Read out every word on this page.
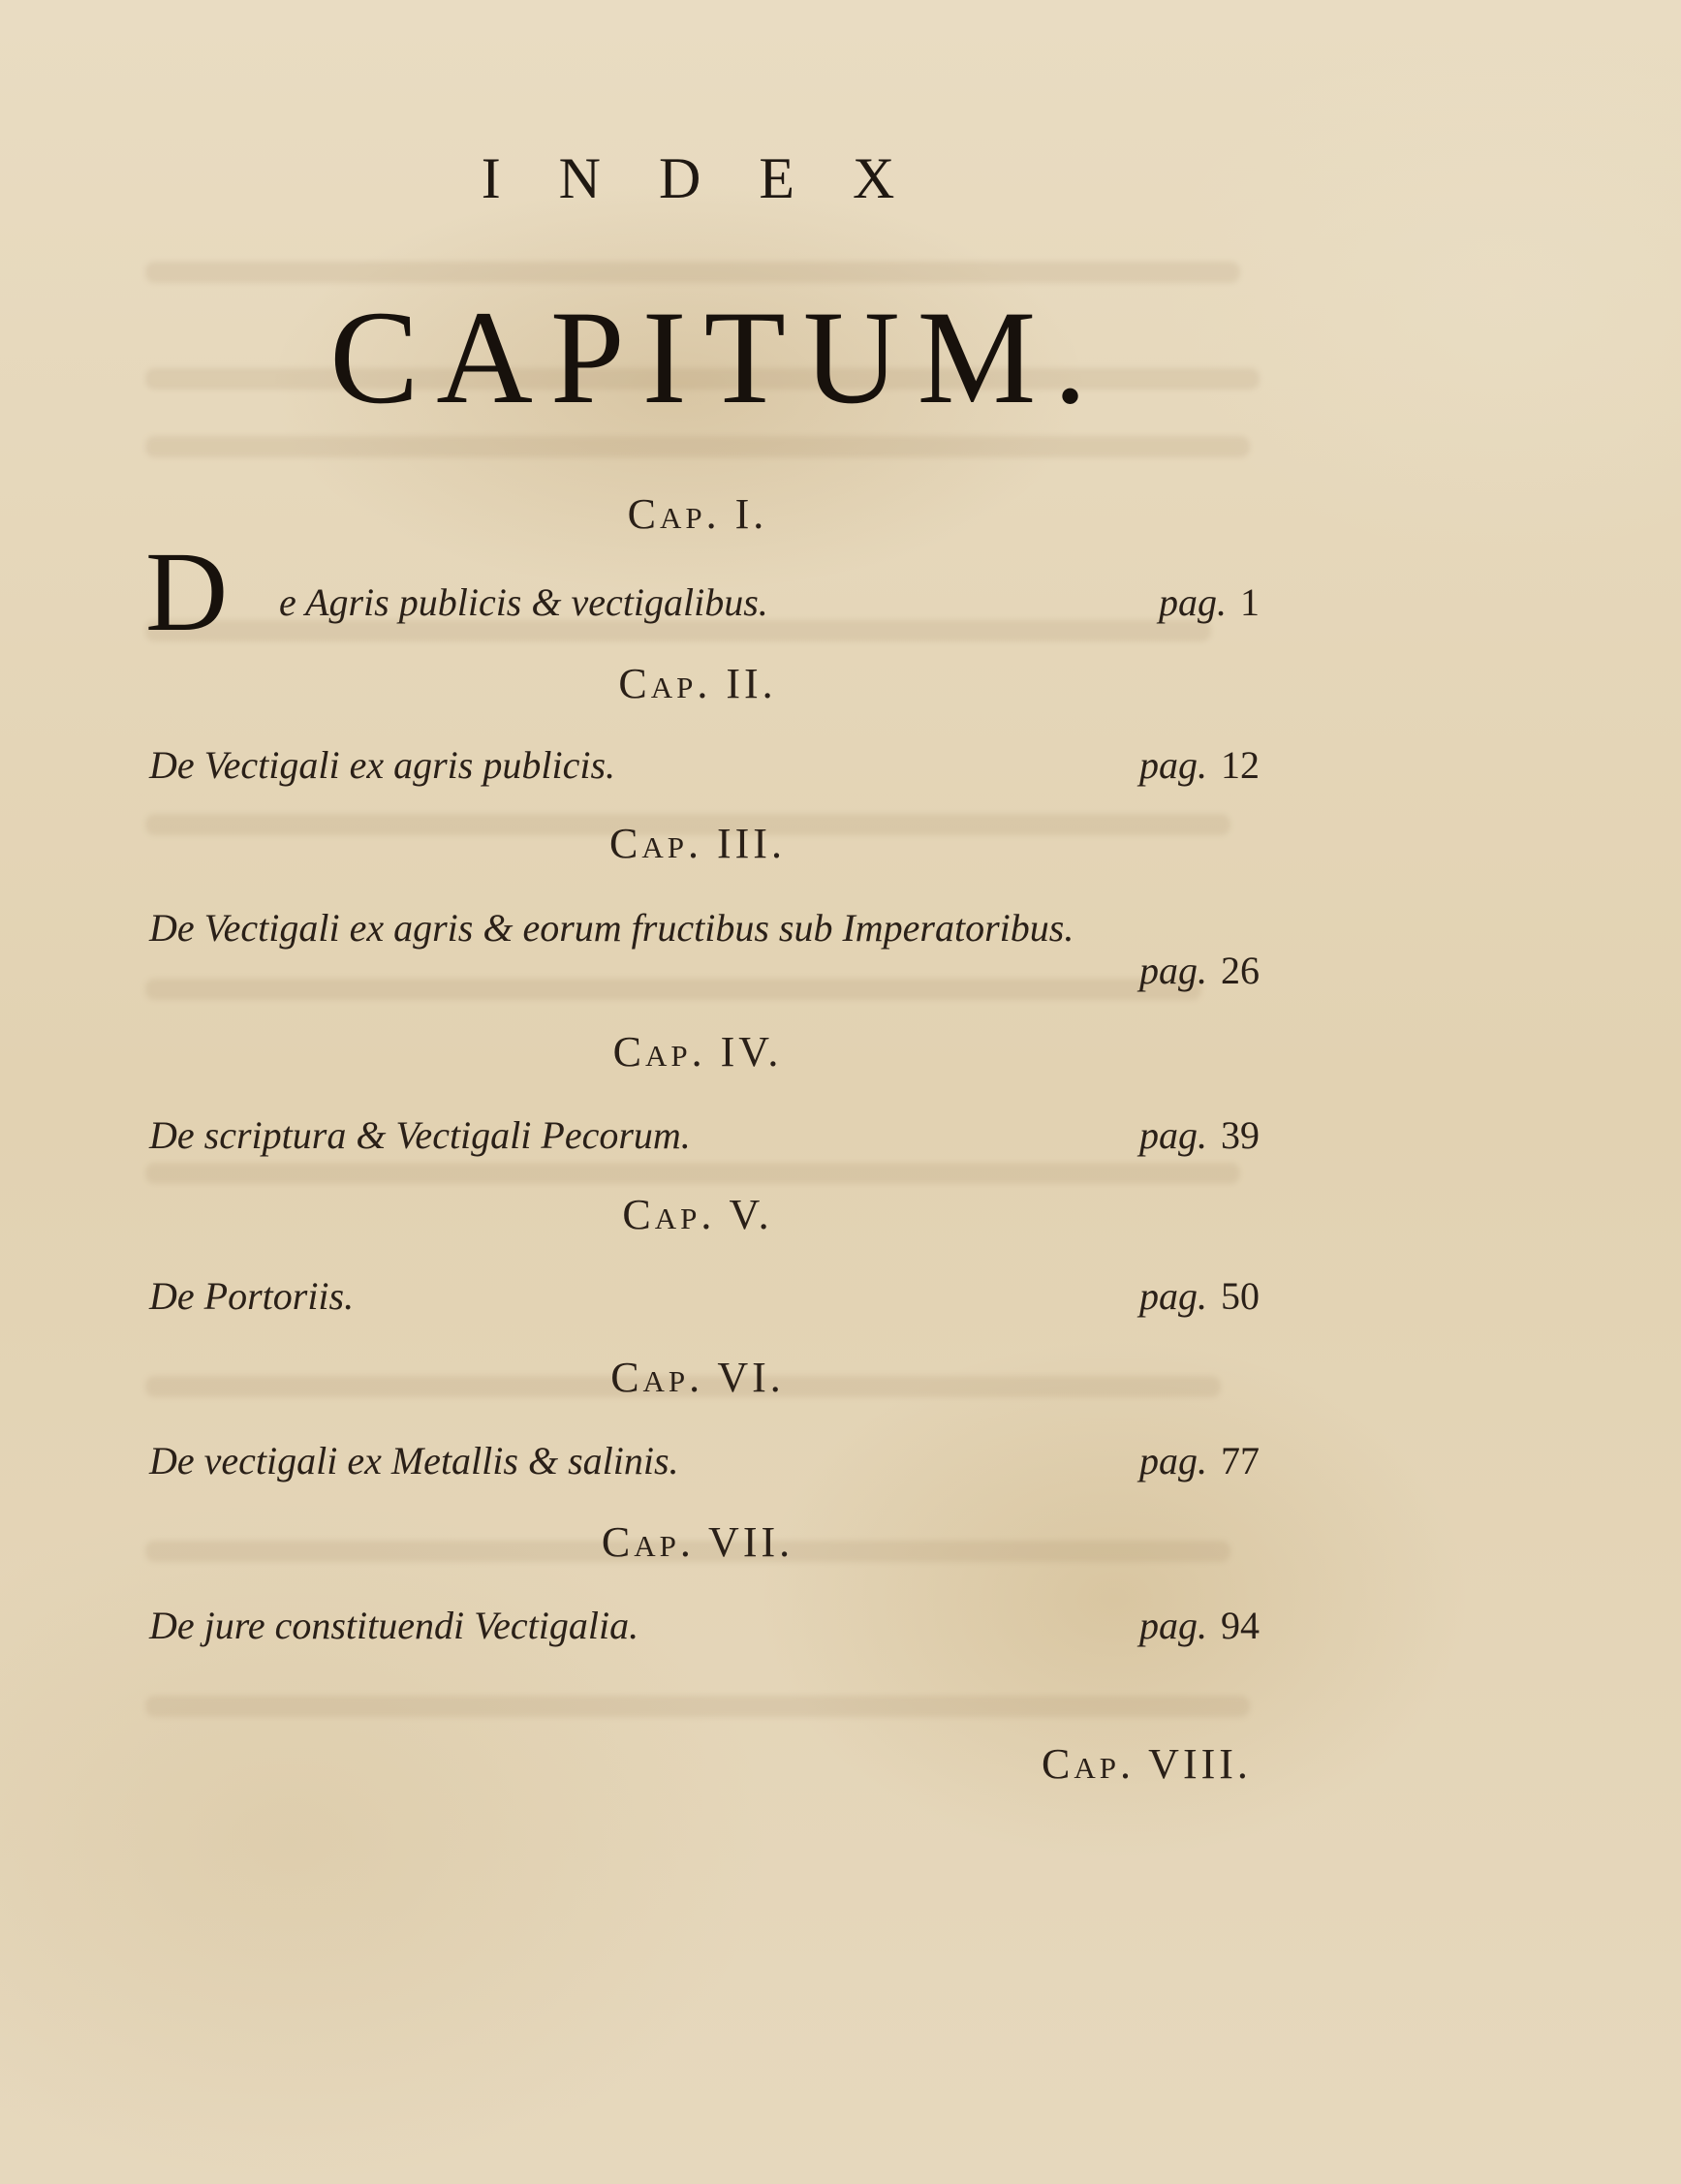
INDEX
CAPITUM.
Cap. I.
D e Agris publicis & vectigalibus.	pag. 1
Cap. II.
De Vectigali ex agris publicis.	pag. 12
Cap. III.
De Vectigali ex agris & eorum fructibus sub Imperatoribus.
pag. 26
Cap. IV.
De scriptura & Vectigali Pecorum.	pag. 39
Cap. V.
De Portoriis.	pag. 50
Cap. VI.
De vectigali ex Metallis & salinis.	pag. 77
Cap. VII.
De jure constituendi Vectigalia.	pag. 94
Cap. VIII.
